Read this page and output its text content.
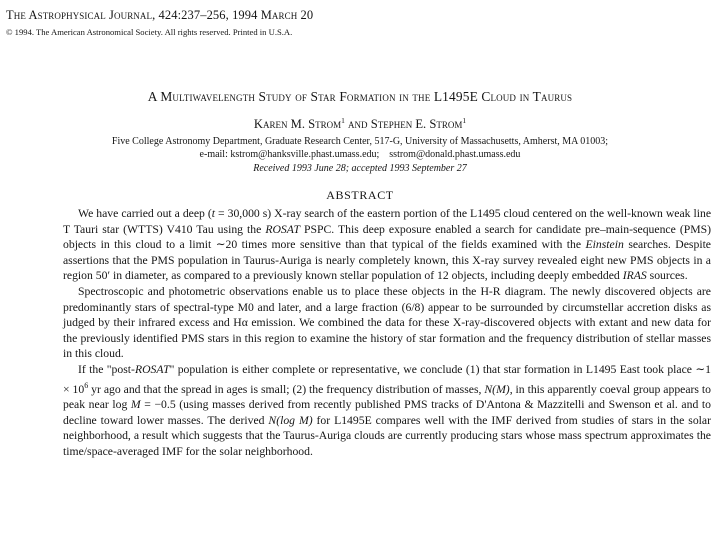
The Astrophysical Journal, 424:237–256, 1994 March 20
© 1994. The American Astronomical Society. All rights reserved. Printed in U.S.A.
A Multiwavelength Study of Star Formation in the L1495E Cloud in Taurus
Karen M. Strom$^1$ and Stephen E. Strom$^1$
Five College Astronomy Department, Graduate Research Center, 517-G, University of Massachusetts, Amherst, MA 01003;
e-mail: kstrom@hanksville.phast.umass.edu;    sstrom@donald.phast.umass.edu
Received 1993 June 28; accepted 1993 September 27
ABSTRACT

We have carried out a deep (t = 30,000 s) X-ray search of the eastern portion of the L1495 cloud centered on the well-known weak line T Tauri star (WTTS) V410 Tau using the ROSAT PSPC. This deep exposure enabled a search for candidate pre–main-sequence (PMS) objects in this cloud to a limit ∼20 times more sensitive than that typical of the fields examined with the Einstein searches. Despite assertions that the PMS population in Taurus-Auriga is nearly completely known, this X-ray survey revealed eight new PMS objects in a region 50′ in diameter, as compared to a previously known stellar population of 12 objects, including deeply embedded IRAS sources.

Spectroscopic and photometric observations enable us to place these objects in the H-R diagram. The newly discovered objects are predominantly stars of spectral-type M0 and later, and a large fraction (6/8) appear to be surrounded by circumstellar accretion disks as judged by their infrared excess and Hα emission. We combined the data for these X-ray-discovered objects with extant and new data for the previously identified PMS stars in this region to examine the history of star formation and the frequency distribution of stellar masses in this cloud.

If the "post-ROSAT" population is either complete or representative, we conclude (1) that star formation in L1495 East took place ∼1 × $10^6$ yr ago and that the spread in ages is small; (2) the frequency distribution of masses, N(M), in this apparently coeval group appears to peak near log M = −0.5 (using masses derived from recently published PMS tracks of D'Antona & Mazzitelli and Swenson et al. and to decline toward lower masses. The derived N(log M) for L1495E compares well with the IMF derived from studies of stars in the solar neighborhood, a result which suggests that the Taurus-Auriga clouds are currently producing stars whose mass spectrum approximates the time/space-averaged IMF for the solar neighborhood.
